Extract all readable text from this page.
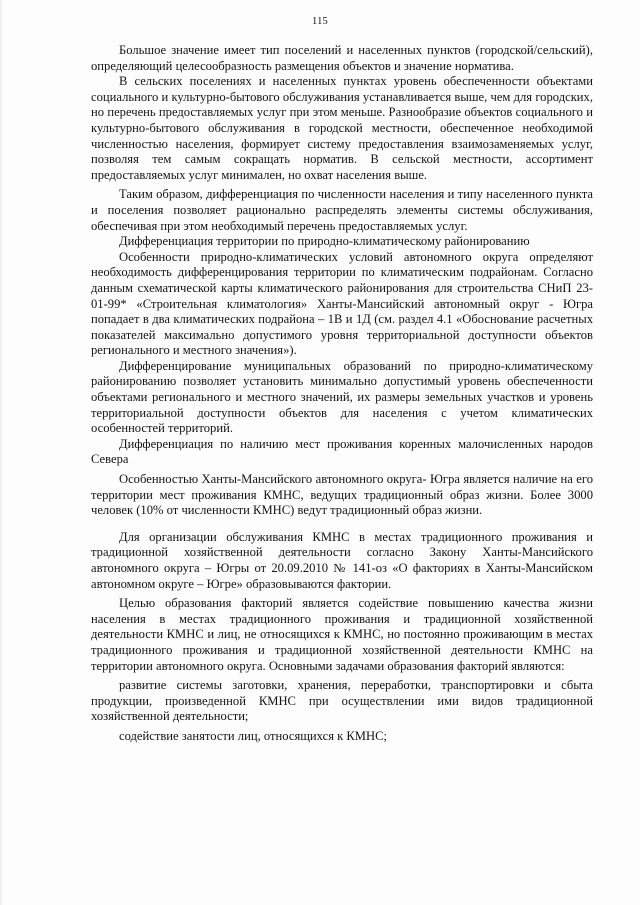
115

Большое значение имеет тип поселений и населенных пунктов (городской/сельский), определяющий целесообразность размещения объектов и значение норматива.

В сельских поселениях и населенных пунктах уровень обеспеченности объектами социального и культурно-бытового обслуживания устанавливается выше, чем для городских, но перечень предоставляемых услуг при этом меньше. Разнообразие объектов социального и культурно-бытового обслуживания в городской местности, обеспеченное необходимой численностью населения, формирует систему предоставления взаимозаменяемых услуг, позволяя тем самым сокращать норматив. В сельской местности, ассортимент предоставляемых услуг минимален, но охват населения выше.

Таким образом, дифференциация по численности населения и типу населенного пункта и поселения позволяет рационально распределять элементы системы обслуживания, обеспечивая при этом необходимый перечень предоставляемых услуг.

Дифференциация территории по природно-климатическому районированию

Особенности природно-климатических условий автономного округа определяют необходимость дифференцирования территории по климатическим подрайонам. Согласно данным схематической карты климатического районирования для строительства СНиП 23-01-99* «Строительная климатология» Ханты-Мансийский автономный округ - Югра попадает в два климатических подрайона – 1В и 1Д (см. раздел 4.1 «Обоснование расчетных показателей максимально допустимого уровня территориальной доступности объектов регионального и местного значения»).

Дифференцирование муниципальных образований по природно-климатическому районированию позволяет установить минимально допустимый уровень обеспеченности объектами регионального и местного значений, их размеры земельных участков и уровень территориальной доступности объектов для населения с учетом климатических особенностей территорий.

Дифференциация по наличию мест проживания коренных малочисленных народов Севера

Особенностью Ханты-Мансийского автономного округа- Югра является наличие на его территории мест проживания КМНС, ведущих традиционный образ жизни. Более 3000 человек (10% от численности КМНС) ведут традиционный образ жизни.

Для организации обслуживания КМНС в местах традиционного проживания и традиционной хозяйственной деятельности согласно Закону Ханты-Мансийского автономного округа – Югры от 20.09.2010 № 141-оз «О факториях в Ханты-Мансийском автономном округе – Югре» образовываются фактории.

Целью образования факторий является содействие повышению качества жизни населения в местах традиционного проживания и традиционной хозяйственной деятельности КМНС и лиц, не относящихся к КМНС, но постоянно проживающим в местах традиционного проживания и традиционной хозяйственной деятельности КМНС на территории автономного округа. Основными задачами образования факторий являются:

развитие системы заготовки, хранения, переработки, транспортировки и сбыта продукции, произведенной КМНС при осуществлении ими видов традиционной хозяйственной деятельности;

содействие занятости лиц, относящихся к КМНС;
